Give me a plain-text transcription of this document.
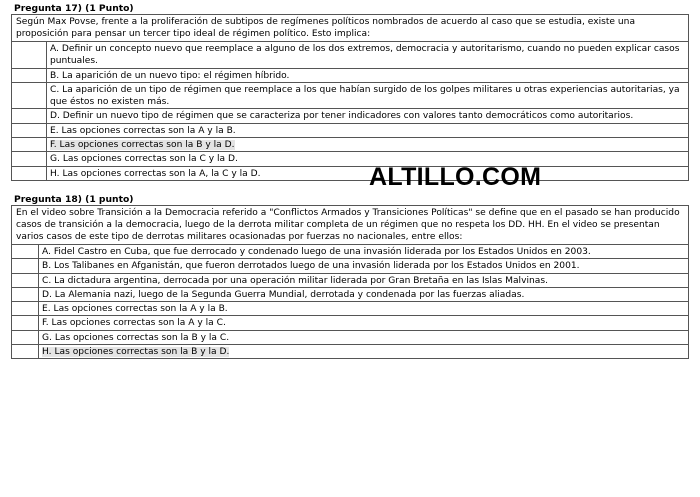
Pregunta 17) (1 Punto)
Según Max Povse, frente a la proliferación de subtipos de regímenes políticos nombrados de acuerdo al caso que se estudia, existe una proposición para pensar un tercer tipo ideal de régimen político. Esto implica:
A. Definir un concepto nuevo que reemplace a alguno de los dos extremos, democracia y autoritarismo, cuando no pueden explicar casos puntuales.
B. La aparición de un nuevo tipo: el régimen híbrido.
C. La aparición de un tipo de régimen que reemplace a los que habían surgido de los golpes militares u otras experiencias autoritarias, ya que éstos no existen más.
D. Definir un nuevo tipo de régimen que se caracteriza por tener indicadores con valores tanto democráticos como autoritarios.
E. Las opciones correctas son la A y la B.
F. Las opciones correctas son la B y la D.
G. Las opciones correctas son la C y la D.
H. Las opciones correctas son la A, la C y la D.	ALTILLO.COM
Pregunta 18) (1 punto)
En el video sobre Transición a la Democracia referido a "Conflictos Armados y Transiciones Políticas" se define que en el pasado se han producido casos de transición a la democracia, luego de la derrota militar completa de un régimen que no respeta los DD. HH. En el video se presentan varios casos de este tipo de derrotas militares ocasionadas por fuerzas no nacionales, entre ellos:
A. Fidel Castro en Cuba, que fue derrocado y condenado luego de una invasión liderada por los Estados Unidos en 2003.
B. Los Talibanes en Afganistán, que fueron derrotados luego de una invasión liderada por los Estados Unidos en 2001.
C. La dictadura argentina, derrocada por una operación militar liderada por Gran Bretaña en las Islas Malvinas.
D. La Alemania nazi, luego de la Segunda Guerra Mundial, derrotada y condenada por las fuerzas aliadas.
E. Las opciones correctas son la A y la B.
F. Las opciones correctas son la A y la C.
G. Las opciones correctas son la B y la C.
H. Las opciones correctas son la B y la D.
